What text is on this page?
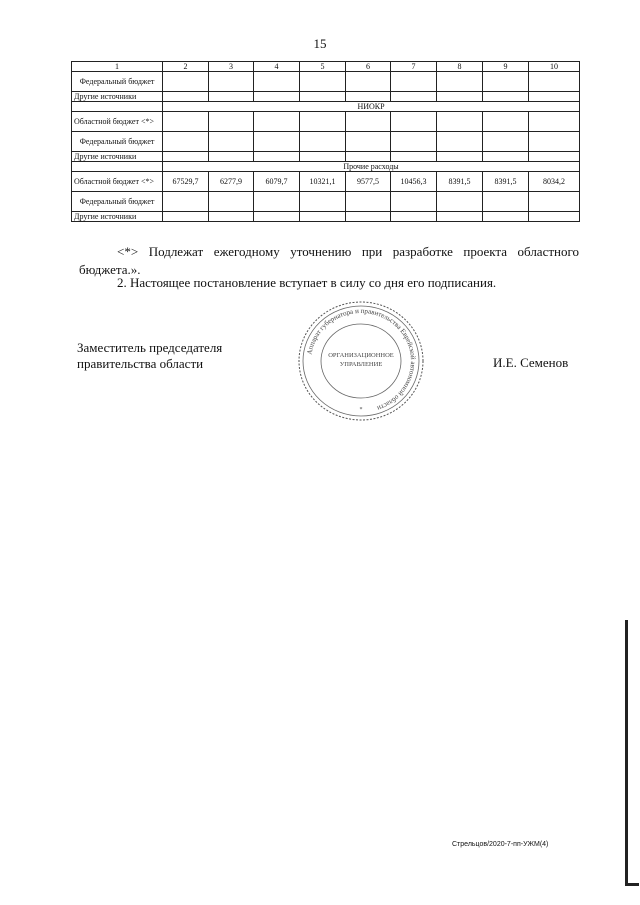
15
1	2	3	4	5	6	7	8	9	10
Федеральный бюджет									
Другие источники									
	НИОКР								
Областной бюджет <*>									
Федеральный бюджет									
Другие источники									
	Прочие расходы								
Областной бюджет <*>	67529,7	6277,9	6079,7	10321,1	9577,5	10456,3	8391,5	8391,5	8034,2
Федеральный бюджет									
Другие источники									
<*> Подлежат ежегодному уточнению при разработке проекта областного бюджета.».
2. Настоящее постановление вступает в силу со дня его подписания.
Заместитель председателя
правительства области	И.Е. Семенов
Аппарат губернатора и правительства Еврейской автономной области
ОРГАНИЗАЦИОННОЕ
УПРАВЛЕНИЕ
*
Стрельцов/2020-7-пп-УЖМ(4)
